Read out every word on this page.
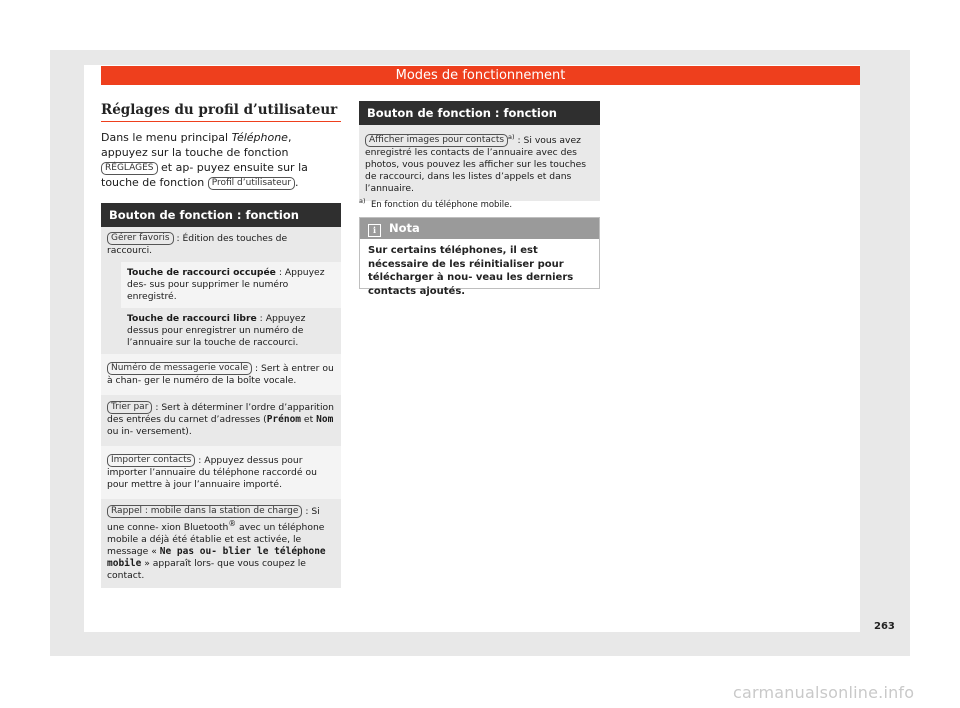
Modes de fonctionnement
Réglages du profil d’utilisateur
Dans le menu principal Téléphone, appuyez sur la touche de fonction RÉGLAGES et ap- puyez ensuite sur la touche de fonction Profil d’utilisateur .
Bouton de fonction : fonction
Gérer favoris : Édition des touches de raccourci.
Touche de raccourci occupée : Appuyez des- sus pour supprimer le numéro enregistré.
Touche de raccourci libre : Appuyez dessus pour enregistrer un numéro de l’annuaire sur la touche de raccourci.
Numéro de messagerie vocale : Sert à entrer ou à chan- ger le numéro de la boîte vocale.
Trier par : Sert à déterminer l’ordre d’apparition des entrées du carnet d’adresses (Prénom et Nom ou in- versement).
Importer contacts : Appuyez dessus pour importer l’annuaire du téléphone raccordé ou pour mettre à jour l’annuaire importé.
Rappel : mobile dans la station de charge : Si une conne- xion Bluetooth® avec un téléphone mobile a déjà été établie et est activée, le message « Ne pas ou- blier le téléphone mobile » apparaît lors- que vous coupez le contact.
Bouton de fonction : fonction
Afficher images pour contacts $^{a)}$ : Si vous avez enregistré les contacts de l’annuaire avec des photos, vous pouvez les afficher sur les touches de raccourci, dans les listes d’appels et dans l’annuaire.
$^{a)}$ En fonction du téléphone mobile.
i Nota
Sur certains téléphones, il est nécessaire de les réinitialiser pour télécharger à nou- veau les derniers contacts ajoutés.
263
carmanualsonline.info
